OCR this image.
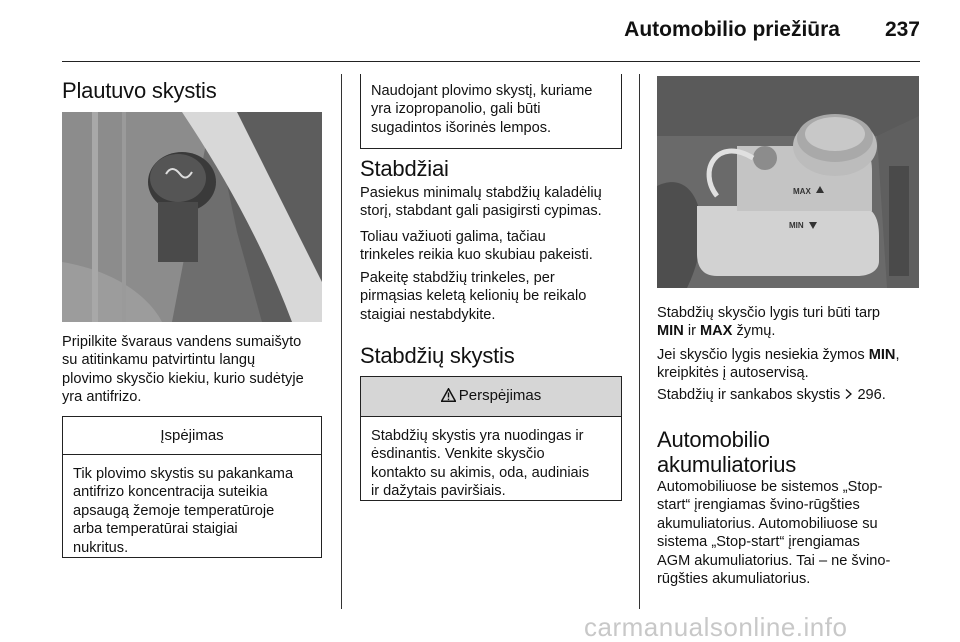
Automobilio priežiūra 237
Plautuvo skystis
Pripilkite švaraus vandens sumaišyto
su atitinkamu patvirtintu langų
plovimo skysčio kiekiu, kurio sudėtyje
yra antifrizo.
Įspėjimas
Tik plovimo skystis su pakankama
antifrizo koncentracija suteikia
apsaugą žemoje temperatūroje
arba temperatūrai staigiai
nukritus.
Naudojant plovimo skystį, kuriame
yra izopropanolio, gali būti
sugadintos išorinės lempos.
Stabdžiai
Pasiekus minimalų stabdžių kaladėlių
storį, stabdant gali pasigirsti cypimas.
Toliau važiuoti galima, tačiau
trinkeles reikia kuo skubiau pakeisti.
Pakeitę stabdžių trinkeles, per
pirmąsias keletą kelionių be reikalo
staigiai nestabdykite.
Stabdžių skystis
Perspėjimas
Stabdžių skystis yra nuodingas ir
ėsdinantis. Venkite skysčio
kontakto su akimis, oda, audiniais
ir dažytais paviršiais.
MAX
MIN
Stabdžių skysčio lygis turi būti tarp
MIN ir MAX žymų.
Jei skysčio lygis nesiekia žymos MIN,
kreipkitės į autoservisą.
Stabdžių ir sankabos skystis  296.
Automobilio
akumuliatorius
Automobiliuose be sistemos „Stop-
start“ įrengiamas švino-rūgšties
akumuliatorius. Automobiliuose su
sistema „Stop-start“ įrengiamas
AGM akumuliatorius. Tai – ne švino-
rūgšties akumuliatorius.
carmanualsonline.info
